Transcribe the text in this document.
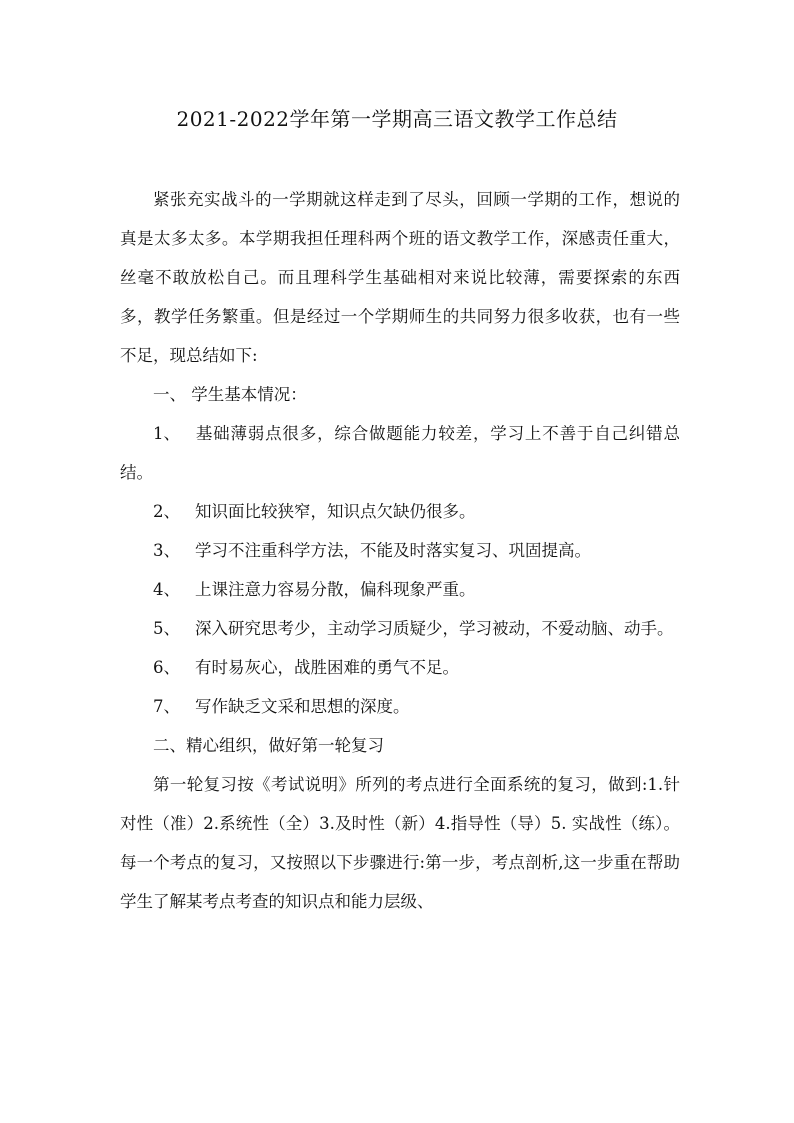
2021-2022学年第一学期高三语文教学工作总结

紧张充实战斗的一学期就这样走到了尽头，回顾一学期的工作，想说的真是太多太多。本学期我担任理科两个班的语文教学工作，深感责任重大，丝毫不敢放松自己。而且理科学生基础相对来说比较薄，需要探索的东西多，教学任务繁重。但是经过一个学期师生的共同努力很多收获，也有一些不足，现总结如下:

一、 学生基本情况：

1、 基础薄弱点很多，综合做题能力较差，学习上不善于自己纠错总结。

2、 知识面比较狭窄，知识点欠缺仍很多。

3、 学习不注重科学方法，不能及时落实复习、巩固提高。

4、 上课注意力容易分散，偏科现象严重。

5、 深入研究思考少，主动学习质疑少，学习被动，不爱动脑、动手。

6、 有时易灰心，战胜困难的勇气不足。

7、 写作缺乏文采和思想的深度。

二、精心组织，做好第一轮复习

第一轮复习按《考试说明》所列的考点进行全面系统的复习，做到:1.针对性（准）2.系统性（全）3.及时性（新）4.指导性（导）5. 实战性（练）。每一个考点的复习，又按照以下步骤进行:第一步，考点剖析,这一步重在帮助学生了解某考点考查的知识点和能力层级、
